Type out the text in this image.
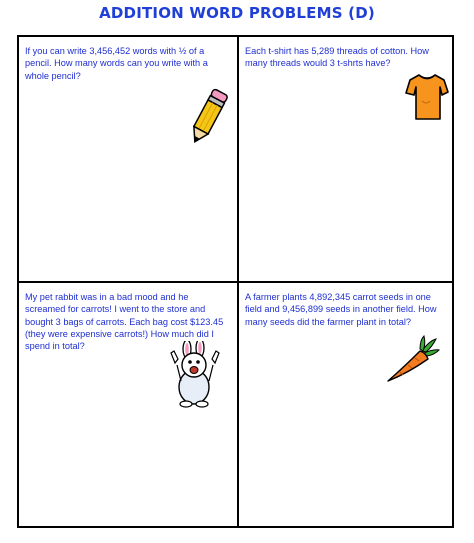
ADDITION WORD PROBLEMS (D)
If you can write 3,456,452 words with ½ of a pencil. How many words can you write with a whole pencil?
Each t-shirt has 5,289 threads of cotton. How many threads would 3 t-shrts have?
My pet rabbit was in a bad mood and he screamed for carrots! I went to the store and bought 3 bags of carrots. Each bag cost $123.45 (they were expensive carrots!) How much did I spend in total?
A farmer plants 4,892,345 carrot seeds in one field and 9,456,899 seeds in another field. How many seeds did the farmer plant in total?
